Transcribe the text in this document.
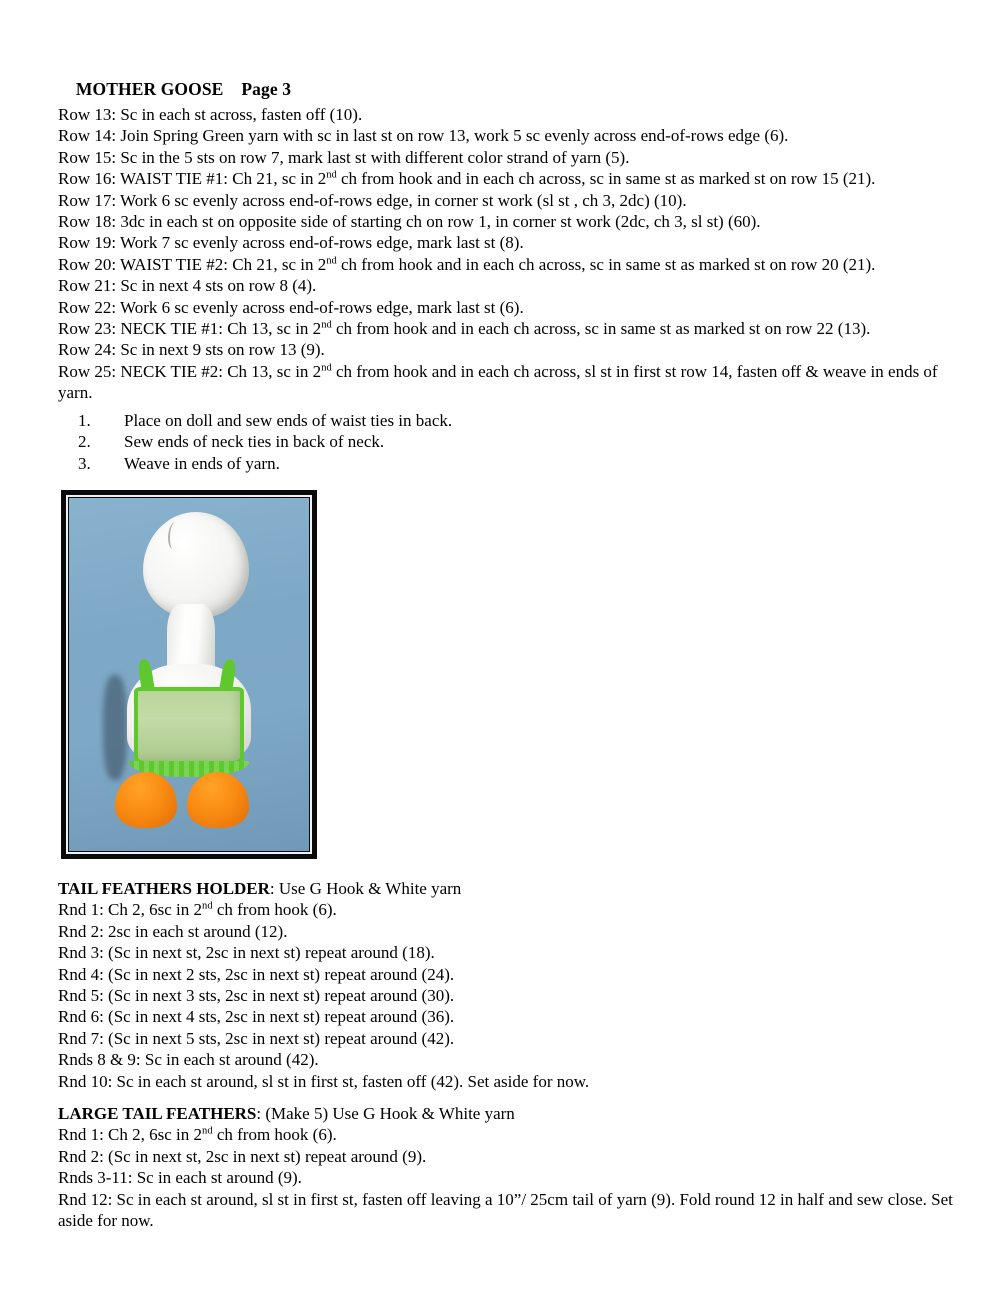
MOTHER GOOSE Page 3

Row 13: Sc in each st across, fasten off (10).
Row 14: Join Spring Green yarn with sc in last st on row 13, work 5 sc evenly across end-of-rows edge (6).
Row 15: Sc in the 5 sts on row 7, mark last st with different color strand of yarn (5).
Row 16: WAIST TIE #1: Ch 21, sc in 2nd ch from hook and in each ch across, sc in same st as marked st on row 15 (21).
Row 17: Work 6 sc evenly across end-of-rows edge, in corner st work (sl st , ch 3, 2dc) (10).
Row 18: 3dc in each st on opposite side of starting ch on row 1, in corner st work (2dc, ch 3, sl st) (60).
Row 19: Work 7 sc evenly across end-of-rows edge, mark last st (8).
Row 20: WAIST TIE #2: Ch 21, sc in 2nd ch from hook and in each ch across, sc in same st as marked st on row 20 (21).
Row 21: Sc in next 4 sts on row 8 (4).
Row 22: Work 6 sc evenly across end-of-rows edge, mark last st (6).
Row 23: NECK TIE #1: Ch 13, sc in 2nd ch from hook and in each ch across, sc in same st as marked st on row 22 (13).
Row 24: Sc in next 9 sts on row 13 (9).
Row 25: NECK TIE #2: Ch 13, sc in 2nd ch from hook and in each ch across, sl st in first st row 14, fasten off & weave in ends of yarn.
1.	Place on doll and sew ends of waist ties in back.
2.	Sew ends of neck ties in back of neck.
3.	Weave in ends of yarn.
TAIL FEATHERS HOLDER: Use G Hook & White yarn
Rnd 1: Ch 2, 6sc in 2nd ch from hook (6).
Rnd 2: 2sc in each st around (12).
Rnd 3: (Sc in next st, 2sc in next st) repeat around (18).
Rnd 4: (Sc in next 2 sts, 2sc in next st) repeat around (24).
Rnd 5: (Sc in next 3 sts, 2sc in next st) repeat around (30).
Rnd 6: (Sc in next 4 sts, 2sc in next st) repeat around (36).
Rnd 7: (Sc in next 5 sts, 2sc in next st) repeat around (42).
Rnds 8 & 9: Sc in each st around (42).
Rnd 10: Sc in each st around, sl st in first st, fasten off (42). Set aside for now.
LARGE TAIL FEATHERS: (Make 5) Use G Hook & White yarn
Rnd 1: Ch 2, 6sc in 2nd ch from hook (6).
Rnd 2: (Sc in next st, 2sc in next st) repeat around (9).
Rnds 3-11: Sc in each st around (9).
Rnd 12: Sc in each st around, sl st in first st, fasten off leaving a 10”/ 25cm tail of yarn (9). Fold round 12 in half and sew close. Set aside for now.
